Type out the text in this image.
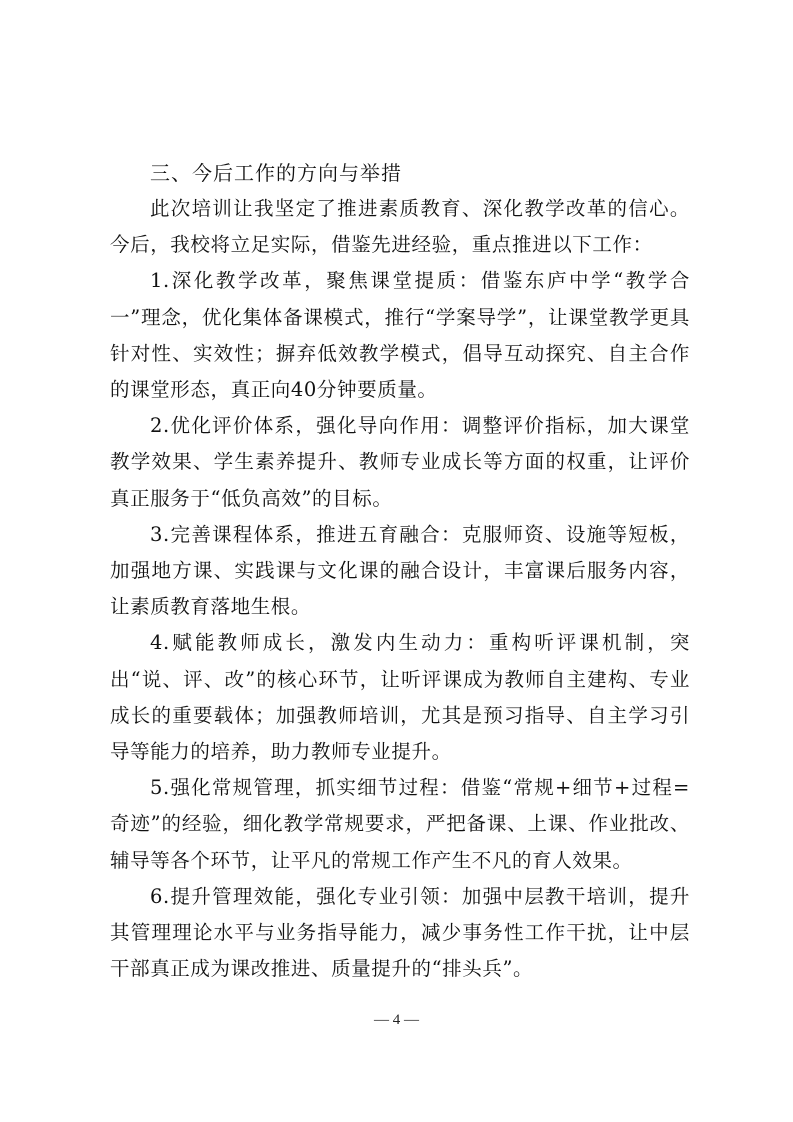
三、今后工作的方向与举措

此次培训让我坚定了推进素质教育、深化教学改革的信心。今后，我校将立足实际，借鉴先进经验，重点推进以下工作：

1.深化教学改革，聚焦课堂提质：借鉴东庐中学“教学合一”理念，优化集体备课模式，推行“学案导学”，让课堂教学更具针对性、实效性；摒弃低效教学模式，倡导互动探究、自主合作的课堂形态，真正向40分钟要质量。

2.优化评价体系，强化导向作用：调整评价指标，加大课堂教学效果、学生素养提升、教师专业成长等方面的权重，让评价真正服务于“低负高效”的目标。

3.完善课程体系，推进五育融合：克服师资、设施等短板，加强地方课、实践课与文化课的融合设计，丰富课后服务内容，让素质教育落地生根。

4.赋能教师成长，激发内生动力：重构听评课机制，突出“说、评、改”的核心环节，让听评课成为教师自主建构、专业成长的重要载体；加强教师培训，尤其是预习指导、自主学习引导等能力的培养，助力教师专业提升。

5.强化常规管理，抓实细节过程：借鉴“常规+细节+过程=奇迹”的经验，细化教学常规要求，严把备课、上课、作业批改、辅导等各个环节，让平凡的常规工作产生不凡的育人效果。

6.提升管理效能，强化专业引领：加强中层教干培训，提升其管理理论水平与业务指导能力，减少事务性工作干扰，让中层干部真正成为课改推进、质量提升的“排头兵”。

— 4 —
